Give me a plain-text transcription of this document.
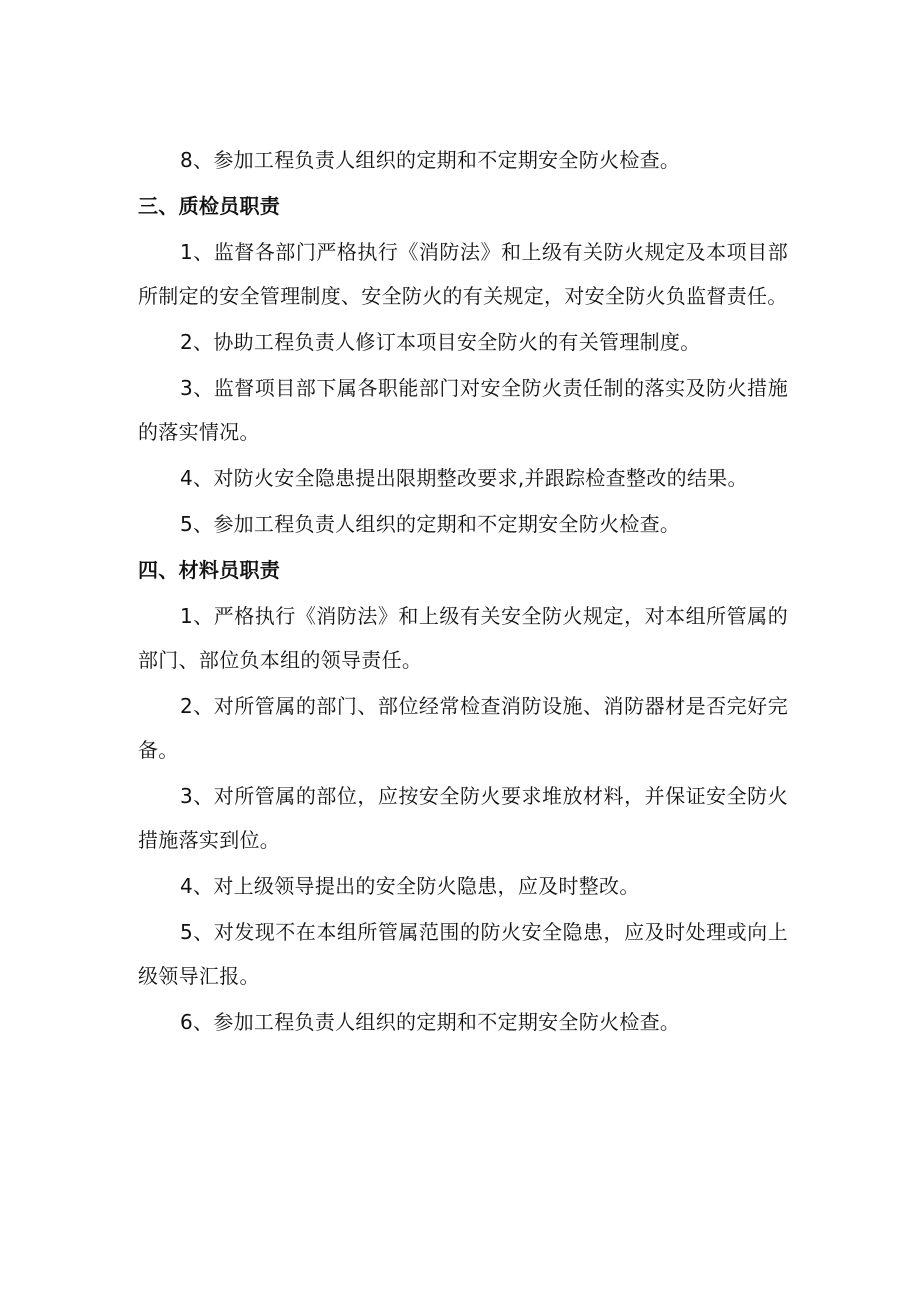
8、参加工程负责人组织的定期和不定期安全防火检查。

三、质检员职责

1、监督各部门严格执行《消防法》和上级有关防火规定及本项目部所制定的安全管理制度、安全防火的有关规定，对安全防火负监督责任。

2、协助工程负责人修订本项目安全防火的有关管理制度。

3、监督项目部下属各职能部门对安全防火责任制的落实及防火措施的落实情况。

4、对防火安全隐患提出限期整改要求,并跟踪检查整改的结果。

5、参加工程负责人组织的定期和不定期安全防火检查。

四、材料员职责

1、严格执行《消防法》和上级有关安全防火规定，对本组所管属的部门、部位负本组的领导责任。

2、对所管属的部门、部位经常检查消防设施、消防器材是否完好完备。

3、对所管属的部位，应按安全防火要求堆放材料，并保证安全防火措施落实到位。

4、对上级领导提出的安全防火隐患，应及时整改。

5、对发现不在本组所管属范围的防火安全隐患，应及时处理或向上级领导汇报。

6、参加工程负责人组织的定期和不定期安全防火检查。
